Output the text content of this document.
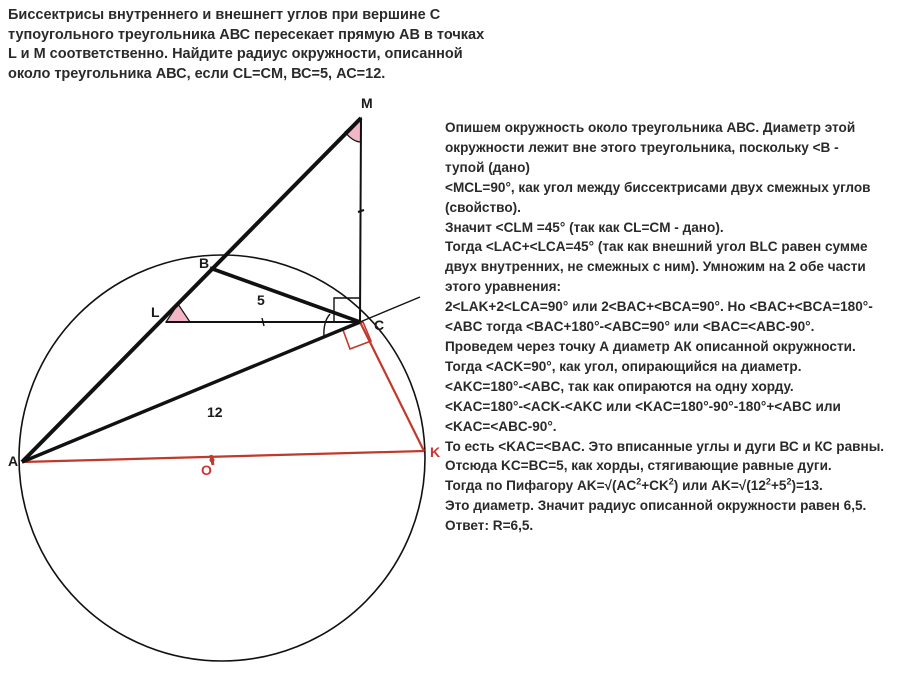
Биссектрисы внутреннего и внешнегт углов при вершине С
тупоугольного треугольника АВС пересекает прямую АВ в точках
L и М соответственно. Найдите радиус окружности, описанной
около треугольника АВС, если CL=CM, ВС=5, АС=12.
A
B
C
L
M
K
O
5
12
Опишем окружность около треугольника АВС. Диаметр этой
окружности лежит вне этого треугольника, поскольку <В -
тупой (дано)
<MCL=90°, как угол между биссектрисами двух смежных углов
(свойство).
Значит <CLM =45° (так как CL=CM - дано).
Тогда <LAC+<LCA=45° (так как внешний угол BLC равен сумме
двух внутренних, не смежных с ним). Умножим на 2 обе части
этого уравнения:
2<LAK+2<LCA=90° или 2<BAC+<BCA=90°. Но <BAC+<BCA=180°-
<ABC тогда <BAC+180°-<ABC=90° или <BAC=<ABC-90°.
Проведем через точку А диаметр АК описанной окружности.
Тогда <ACK=90°, как угол, опирающийся на диаметр.
<AKC=180°-<ABC, так как опираются на одну хорду.
<KAC=180°-<ACK-<AKC или <KAC=180°-90°-180°+<ABC или
<KAC=<ABC-90°.
То есть <KAC=<BAC. Это вписанные углы и дуги ВС и КС равны.
Отсюда KC=BC=5, как хорды, стягивающие равные дуги.
Тогда по Пифагору $AK=√(AC^2+CK^2)$ или $AK=√(12^2+5^2)=13$.
Это диаметр. Значит радиус описанной окружности равен 6,5.
Ответ: R=6,5.
